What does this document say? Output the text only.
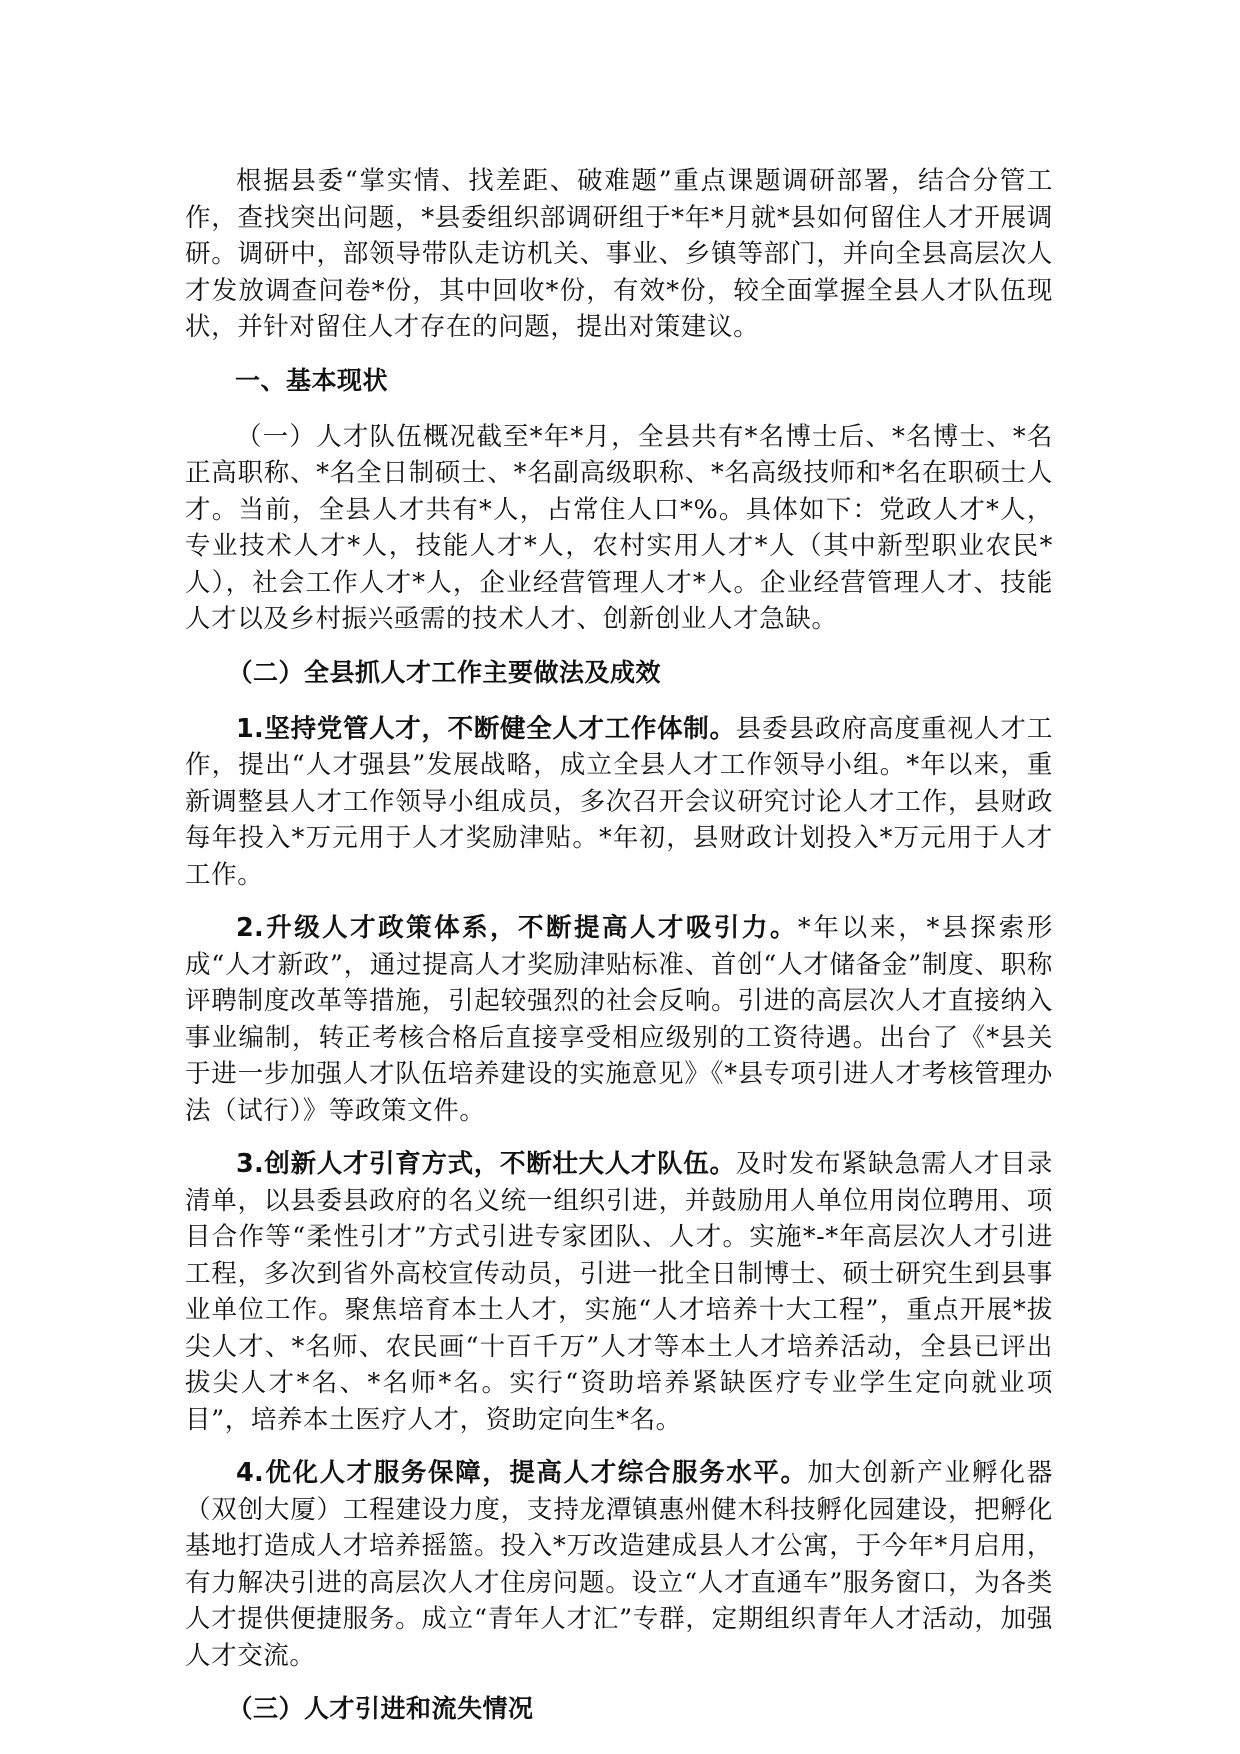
根据县委“掌实情、找差距、破难题”重点课题调研部署，结合分管工作，查找突出问题，*县委组织部调研组于*年*月就*县如何留住人才开展调研。调研中，部领导带队走访机关、事业、乡镇等部门，并向全县高层次人才发放调查问卷*份，其中回收*份，有效*份，较全面掌握全县人才队伍现状，并针对留住人才存在的问题，提出对策建议。

一、基本现状

（一）人才队伍概况截至*年*月，全县共有*名博士后、*名博士、*名正高职称、*名全日制硕士、*名副高级职称、*名高级技师和*名在职硕士人才。当前，全县人才共有*人，占常住人口*%。具体如下：党政人才*人，专业技术人才*人，技能人才*人，农村实用人才*人（其中新型职业农民*人），社会工作人才*人，企业经营管理人才*人。企业经营管理人才、技能人才以及乡村振兴亟需的技术人才、创新创业人才急缺。

（二）全县抓人才工作主要做法及成效

1.坚持党管人才，不断健全人才工作体制。县委县政府高度重视人才工作，提出“人才强县”发展战略，成立全县人才工作领导小组。*年以来，重新调整县人才工作领导小组成员，多次召开会议研究讨论人才工作，县财政每年投入*万元用于人才奖励津贴。*年初，县财政计划投入*万元用于人才工作。

2.升级人才政策体系，不断提高人才吸引力。*年以来，*县探索形成“人才新政”，通过提高人才奖励津贴标准、首创“人才储备金”制度、职称评聘制度改革等措施，引起较强烈的社会反响。引进的高层次人才直接纳入事业编制，转正考核合格后直接享受相应级别的工资待遇。出台了《*县关于进一步加强人才队伍培养建设的实施意见》《*县专项引进人才考核管理办法（试行）》等政策文件。

3.创新人才引育方式，不断壮大人才队伍。及时发布紧缺急需人才目录清单，以县委县政府的名义统一组织引进，并鼓励用人单位用岗位聘用、项目合作等“柔性引才”方式引进专家团队、人才。实施*-*年高层次人才引进工程，多次到省外高校宣传动员，引进一批全日制博士、硕士研究生到县事业单位工作。聚焦培育本土人才，实施“人才培养十大工程”，重点开展*拔尖人才、*名师、农民画“十百千万”人才等本土人才培养活动，全县已评出拔尖人才*名、*名师*名。实行“资助培养紧缺医疗专业学生定向就业项目”，培养本土医疗人才，资助定向生*名。

4.优化人才服务保障，提高人才综合服务水平。加大创新产业孵化器（双创大厦）工程建设力度，支持龙潭镇惠州健木科技孵化园建设，把孵化基地打造成人才培养摇篮。投入*万改造建成县人才公寓，于今年*月启用，有力解决引进的高层次人才住房问题。设立“人才直通车”服务窗口，为各类人才提供便捷服务。成立“青年人才汇”专群，定期组织青年人才活动，加强人才交流。

（三）人才引进和流失情况
